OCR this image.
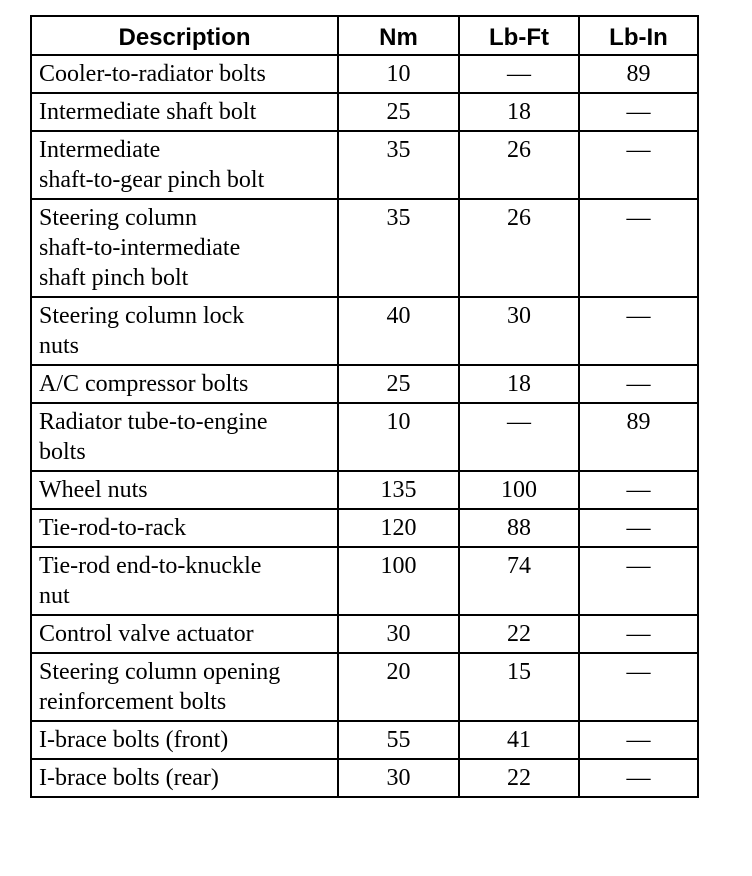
Description	Nm	Lb-Ft	Lb-In

Cooler-to-radiator bolts	10	—	89

Intermediate shaft bolt	25	18	—

Intermediate
shaft-to-gear pinch bolt	35	26	—

Steering column
shaft-to-intermediate
shaft pinch bolt	35	26	—

Steering column lock
nuts	40	30	—

A/C compressor bolts	25	18	—

Radiator tube-to-engine
bolts	10	—	89

Wheel nuts	135	100	—

Tie-rod-to-rack	120	88	—

Tie-rod end-to-knuckle
nut	100	74	—

Control valve actuator	30	22	—

Steering column opening
reinforcement bolts	20	15	—

I-brace bolts (front)	55	41	—

I-brace bolts (rear)	30	22	—
